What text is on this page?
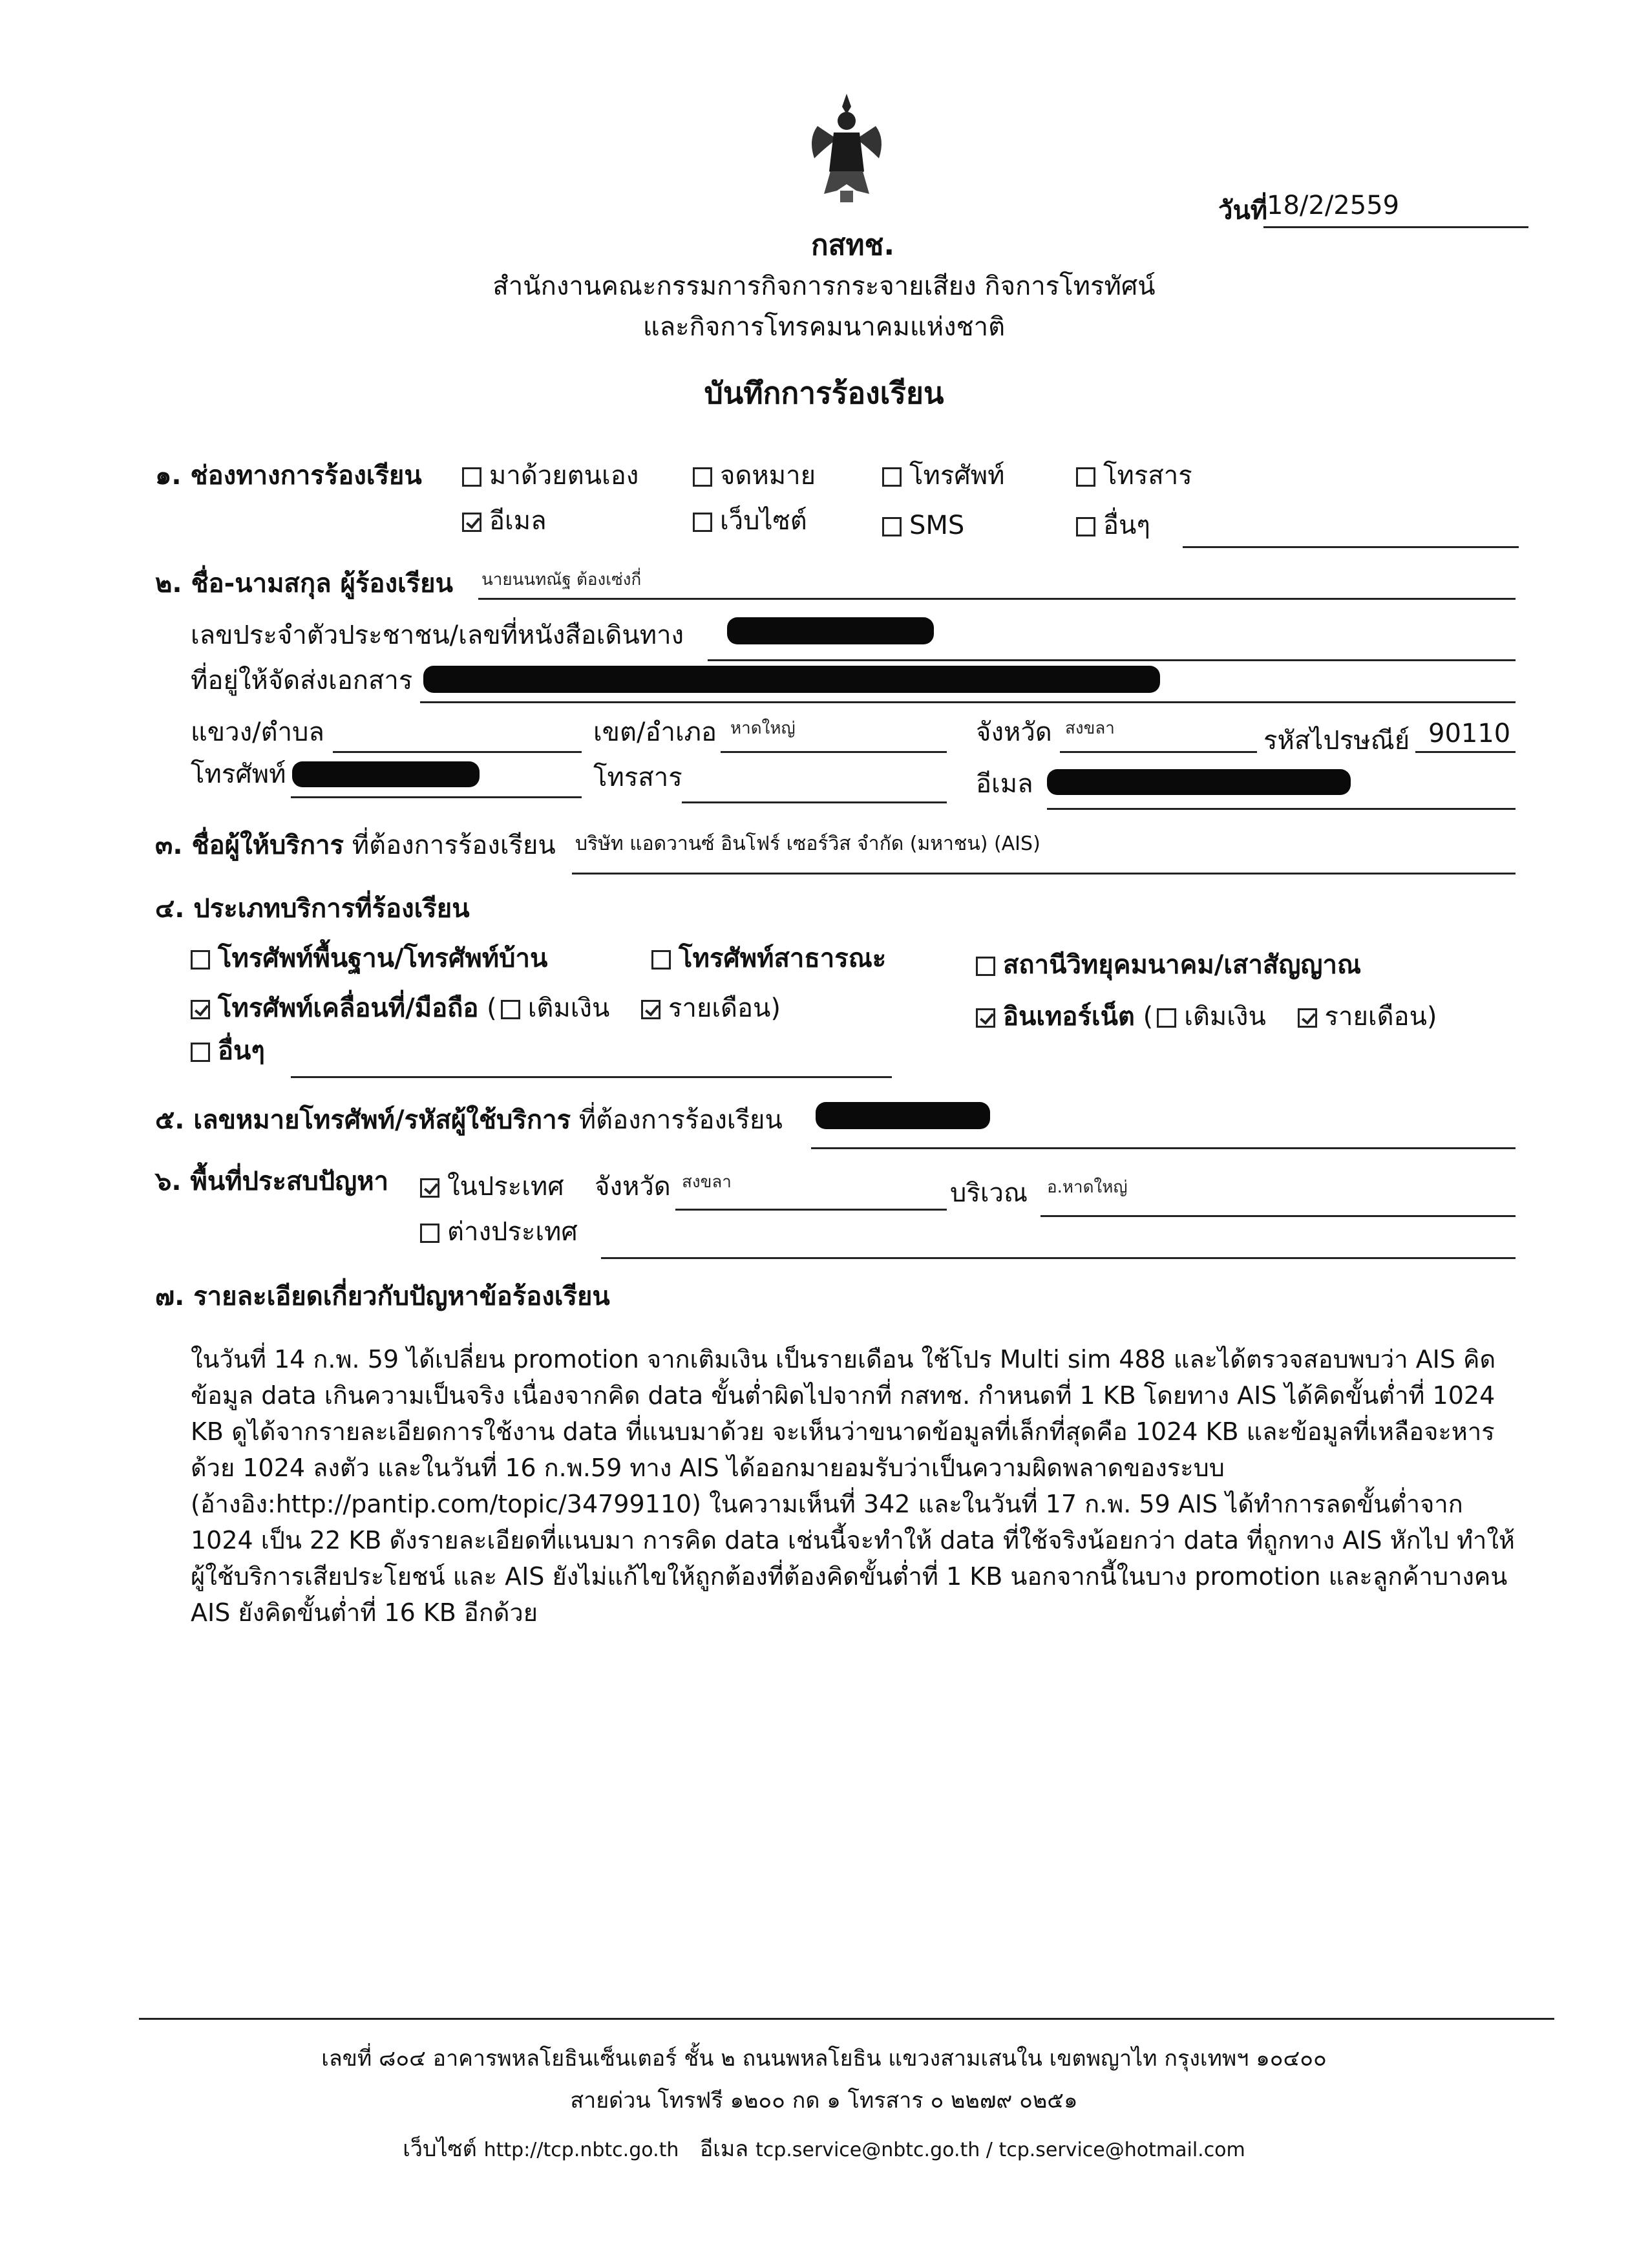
กสทช.
วันที่
18/2/2559
สำนักงานคณะกรรมการกิจการกระจายเสียง กิจการโทรทัศน์
และกิจการโทรคมนาคมแห่งชาติ
บันทึกการร้องเรียน
๑. ช่องทางการร้องเรียน	มาด้วยตนเอง	จดหมาย	โทรศัพท์	โทรสาร
อีเมล	เว็บไซต์	SMS	อื่นๆ
๒. ชื่อ-นามสกุล ผู้ร้องเรียน นายนนทณัฐ ต้องเซ่งกี่
เลขประจำตัวประชาชน/เลขที่หนังสือเดินทาง
ที่อยู่ให้จัดส่งเอกสาร
แขวง/ตำบล	เขต/อำเภอ หาดใหญ่	จังหวัด สงขลา	รหัสไปรษณีย์ 90110
โทรศัพท์	โทรสาร	อีเมล
๓. ชื่อผู้ให้บริการ ที่ต้องการร้องเรียน บริษัท แอดวานซ์ อินโฟร์ เซอร์วิส จำกัด (มหาชน) (AIS)
๔. ประเภทบริการที่ร้องเรียน
โทรศัพท์พื้นฐาน/โทรศัพท์บ้าน	โทรศัพท์สาธารณะ	สถานีวิทยุคมนาคม/เสาสัญญาณ
โทรศัพท์เคลื่อนที่/มือถือ ( เติมเงิน รายเดือน)	อินเทอร์เน็ต ( เติมเงิน รายเดือน)
อื่นๆ
๕. เลขหมายโทรศัพท์/รหัสผู้ใช้บริการ ที่ต้องการร้องเรียน
๖. พื้นที่ประสบปัญหา	ในประเทศ จังหวัด สงขลา	บริเวณ อ.หาดใหญ่
ต่างประเทศ
๗. รายละเอียดเกี่ยวกับปัญหาข้อร้องเรียน
ในวันที่ 14 ก.พ. 59 ได้เปลี่ยน promotion จากเติมเงิน เป็นรายเดือน ใช้โปร Multi sim 488 และได้ตรวจสอบพบว่า AIS คิดข้อมูล data เกินความเป็นจริง เนื่องจากคิด data ขั้นต่ำผิดไปจากที่ กสทช. กำหนดที่ 1 KB โดยทาง AIS ได้คิดขั้นต่ำที่ 1024 KB ดูได้จากรายละเอียดการใช้งาน data ที่แนบมาด้วย จะเห็นว่าขนาดข้อมูลที่เล็กที่สุดคือ 1024 KB และข้อมูลที่เหลือจะหารด้วย 1024 ลงตัว และในวันที่ 16 ก.พ.59 ทาง AIS ได้ออกมายอมรับว่าเป็นความผิดพลาดของระบบ (อ้างอิง:http://pantip.com/topic/34799110) ในความเห็นที่ 342 และในวันที่ 17 ก.พ. 59 AIS ได้ทำการลดขั้นต่ำจาก 1024 เป็น 22 KB ดังรายละเอียดที่แนบมา การคิด data เช่นนี้จะทำให้ data ที่ใช้จริงน้อยกว่า data ที่ถูกทาง AIS หักไป ทำให้ผู้ใช้บริการเสียประโยชน์ และ AIS ยังไม่แก้ไขให้ถูกต้องที่ต้องคิดขั้นต่ำที่ 1 KB นอกจากนี้ในบาง promotion และลูกค้าบางคน AIS ยังคิดขั้นต่ำที่ 16 KB อีกด้วย
เลขที่ ๘๐๔ อาคารพหลโยธินเซ็นเตอร์ ชั้น ๒ ถนนพหลโยธิน แขวงสามเสนใน เขตพญาไท กรุงเทพฯ ๑๐๔๐๐
สายด่วน โทรฟรี ๑๒๐๐ กด ๑ โทรสาร ๐ ๒๒๗๙ ๐๒๕๑
เว็บไซต์ http://tcp.nbtc.go.th อีเมล tcp.service@nbtc.go.th / tcp.service@hotmail.com
